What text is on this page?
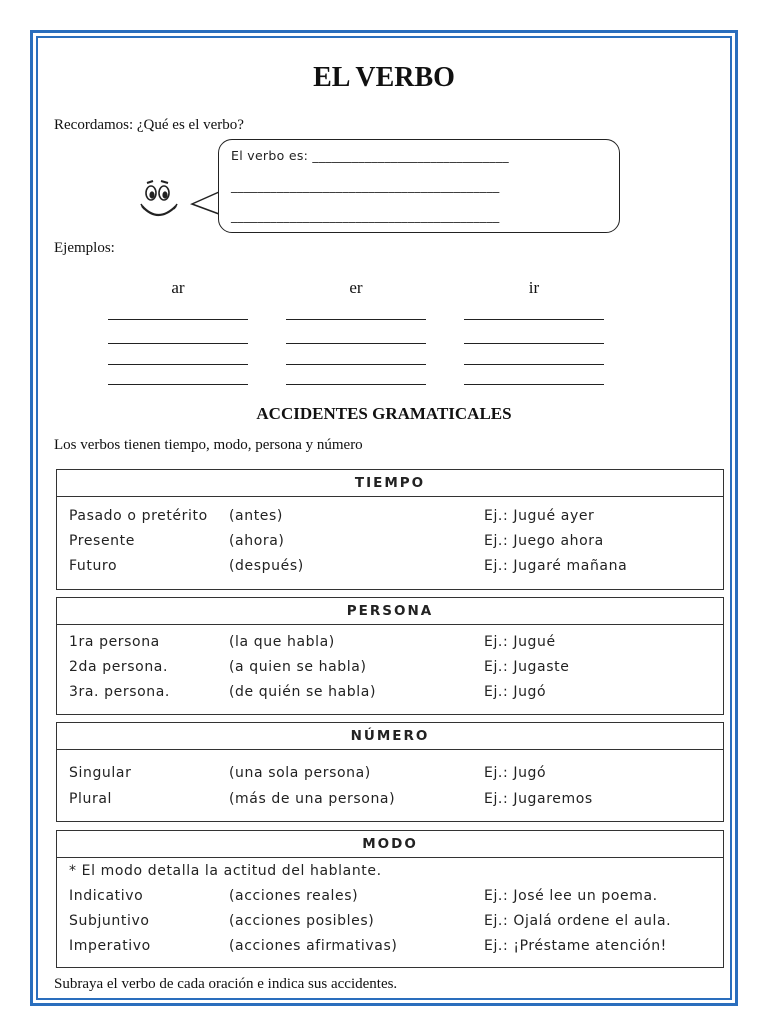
EL VERBO
Recordamos: ¿Qué es el verbo?
El verbo es: ______________________________
_________________________________________
_________________________________________
Ejemplos:
ar	er	ir
ACCIDENTES GRAMATICALES
Los verbos tienen tiempo, modo, persona y número
TIEMPO
Pasado o pretérito (antes)	Ej.: Jugué ayer
Presente	(ahora)	Ej.: Juego ahora
Futuro	(después)	Ej.: Jugaré mañana
PERSONA
1ra persona	(la que habla)	Ej.: Jugué
2da persona.	(a quien se habla)	Ej.: Jugaste
3ra. persona.	(de quién se habla)	Ej.: Jugó
NÚMERO
Singular	(una sola persona)	Ej.: Jugó
Plural	(más de una persona)	Ej.: Jugaremos
MODO
* El modo detalla la actitud del hablante.
Indicativo	(acciones reales)	Ej.: José lee un poema.
Subjuntivo	(acciones posibles)	Ej.: Ojalá ordene el aula.
Imperativo	(acciones afirmativas)	Ej.: ¡Préstame atención!
Subraya el verbo de cada oración e indica sus accidentes.
